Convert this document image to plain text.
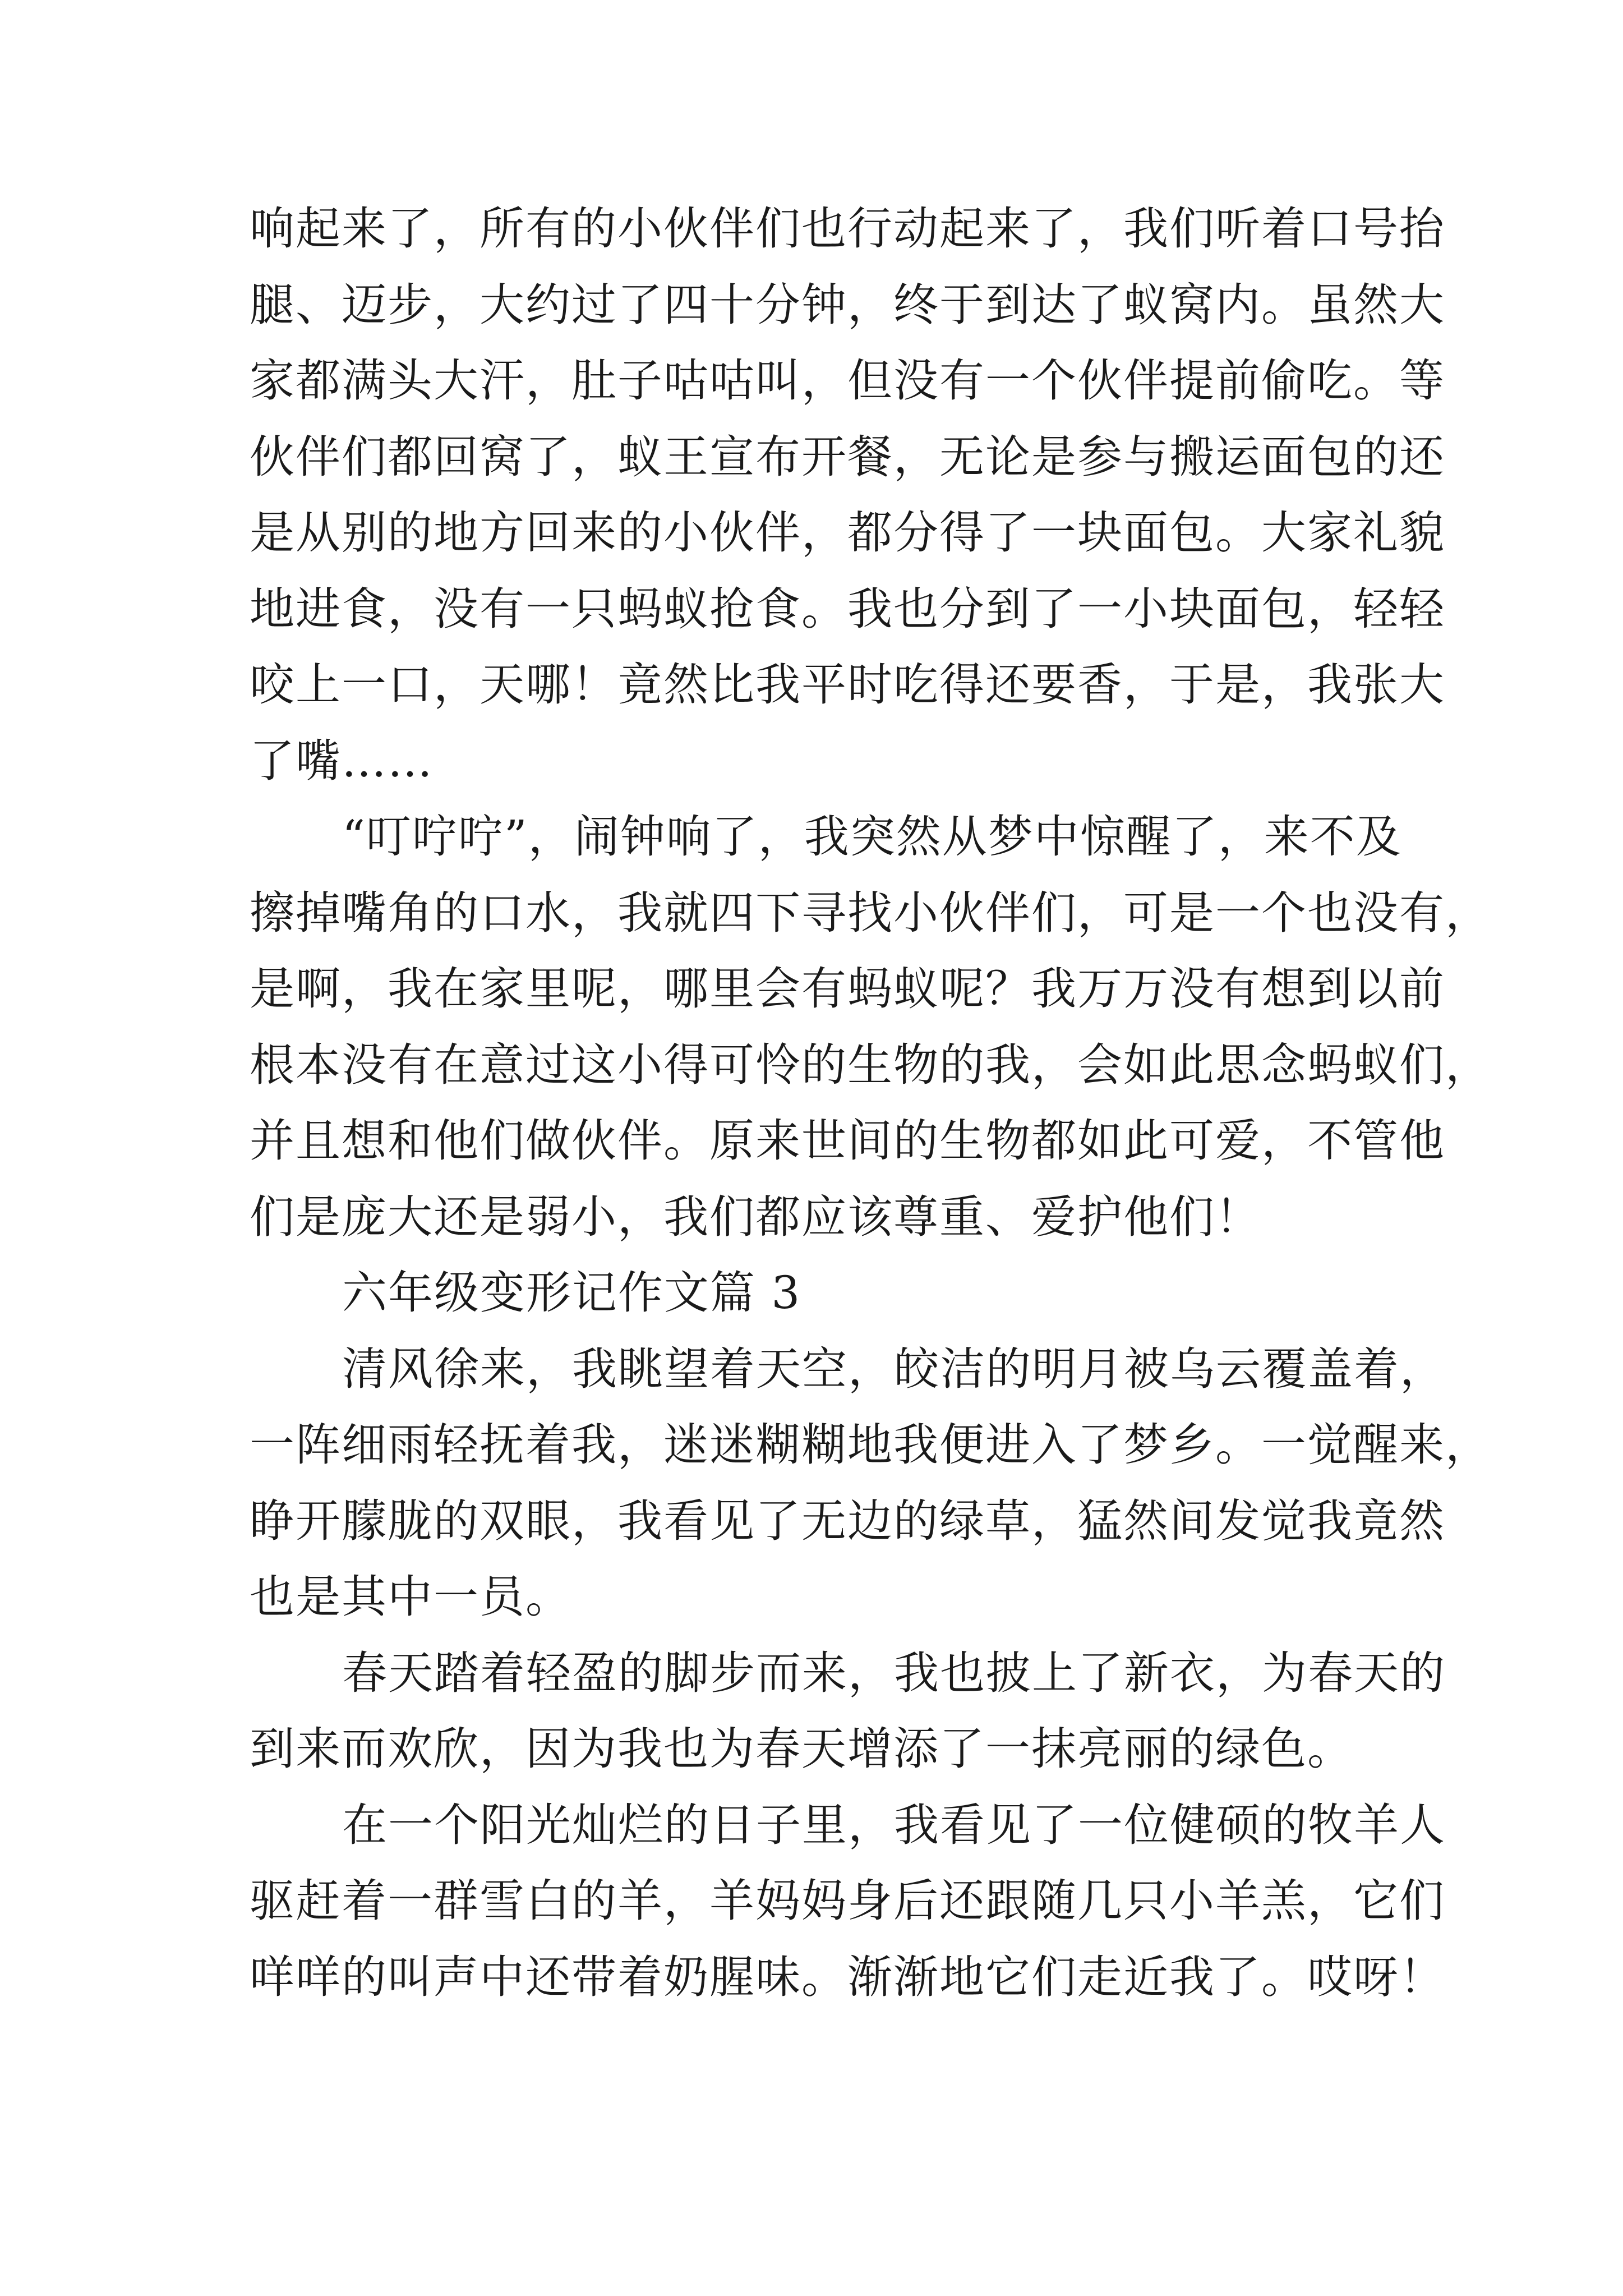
响起来了，所有的小伙伴们也行动起来了，我们听着口号抬
腿、迈步，大约过了四十分钟，终于到达了蚁窝内。虽然大
家都满头大汗，肚子咕咕叫，但没有一个伙伴提前偷吃。等
伙伴们都回窝了，蚁王宣布开餐，无论是参与搬运面包的还
是从别的地方回来的小伙伴，都分得了一块面包。大家礼貌
地进食，没有一只蚂蚁抢食。我也分到了一小块面包，轻轻
咬上一口，天哪！竟然比我平时吃得还要香，于是，我张大
了嘴……
“叮咛咛”，闹钟响了，我突然从梦中惊醒了，来不及
擦掉嘴角的口水，我就四下寻找小伙伴们，可是一个也没有，
是啊，我在家里呢，哪里会有蚂蚁呢？我万万没有想到以前
根本没有在意过这小得可怜的生物的我，会如此思念蚂蚁们，
并且想和他们做伙伴。原来世间的生物都如此可爱，不管他
们是庞大还是弱小，我们都应该尊重、爱护他们！
六年级变形记作文篇 3
清风徐来，我眺望着天空，皎洁的明月被乌云覆盖着，
一阵细雨轻抚着我，迷迷糊糊地我便进入了梦乡。一觉醒来，
睁开朦胧的双眼，我看见了无边的绿草，猛然间发觉我竟然
也是其中一员。
春天踏着轻盈的脚步而来，我也披上了新衣，为春天的
到来而欢欣，因为我也为春天增添了一抹亮丽的绿色。
在一个阳光灿烂的日子里，我看见了一位健硕的牧羊人
驱赶着一群雪白的羊，羊妈妈身后还跟随几只小羊羔，它们
咩咩的叫声中还带着奶腥味。渐渐地它们走近我了。哎呀！
